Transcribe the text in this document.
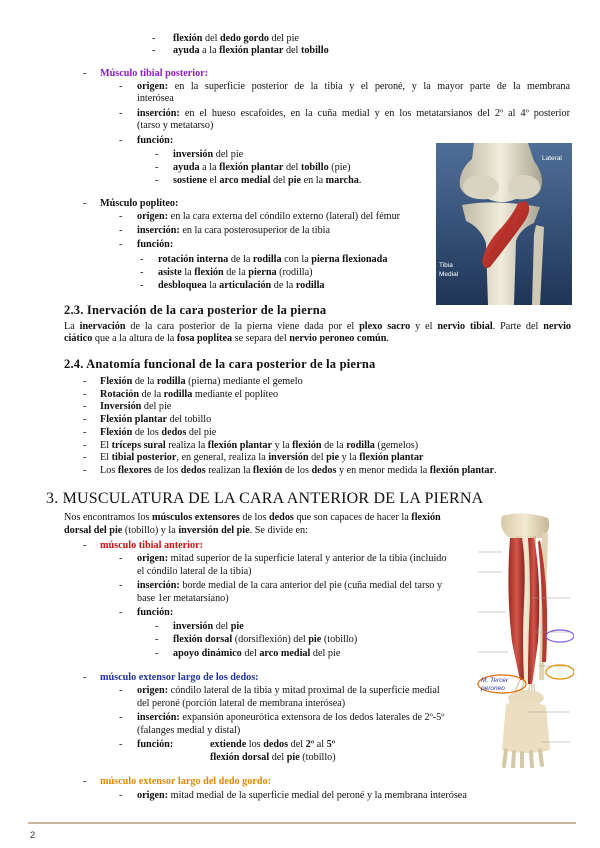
- flexión del dedo gordo del pie
- ayuda a la flexión plantar del tobillo
- Músculo tibial posterior:
- origen: en la superficie posterior de la tibia y el peroné, y la mayor parte de la membrana
interósea
- inserción: en el hueso escafoides, en la cuña medial y en los metatarsianos del 2º al 4º posterior
(tarso y metatarso)
- función:
- inversión del pie
- ayuda a la flexión plantar del tobillo (pie)
- sostiene el arco medial del pie en la marcha.
- Músculo poplíteo:
- origen: en la cara externa del cóndilo externo (lateral) del fémur
- inserción: en la cara posterosuperior de la tibia
- función:
- rotación interna de la rodilla con la pierna flexionada
- asiste la flexión de la pierna (rodilla)
- desbloquea la articulación de la rodilla
Lateral
Tibia
Medial
2.3. Inervación de la cara posterior de la pierna
La inervación de la cara posterior de la pierna viene dada por el plexo sacro y el nervio tibial. Parte del nervio
ciático que a la altura de la fosa poplítea se separa del nervio peroneo común.
2.4. Anatomía funcional de la cara posterior de la pierna
- Flexión de la rodilla (pierna) mediante el gemelo
- Rotación de la rodilla mediante el poplíteo
- Inversión del pie
- Flexión plantar del tobillo
- Flexión de los dedos del pie
- El tríceps sural realiza la flexión plantar y la flexión de la rodilla (gemelos)
- El tibial posterior, en general, realiza la inversión del pie y la flexión plantar
- Los flexores de los dedos realizan la flexión de los dedos y en menor medida la flexión plantar.
3. MUSCULATURA DE LA CARA ANTERIOR DE LA PIERNA
Nos encontramos los músculos extensores de los dedos que son capaces de hacer la flexión
dorsal del pie (tobillo) y la inversión del pie. Se divide en:
- músculo tibial anterior:
- origen: mitad superior de la superficie lateral y anterior de la tibia (incluido
el cóndilo lateral de la tibia)
- inserción: borde medial de la cara anterior del pie (cuña medial del tarso y
base 1er metatarsiano)
- función:
- inversión del pie
- flexión dorsal (dorsiflexión) del pie (tobillo)
- apoyo dinámico del arco medial del pie
- músculo extensor largo de los dedos:
- origen: cóndilo lateral de la tibia y mitad proximal de la superficie medial
del peroné (porción lateral de membrana interósea)
- inserción: expansión aponeurótica extensora de los dedos laterales de 2º-5º
(falanges medial y distal)
- función:	extiende los dedos del 2º al 5º
flexión dorsal del pie (tobillo)
- músculo extensor largo del dedo gordo:
- origen: mitad medial de la superficie medial del peroné y la membrana interósea
M. Tercer
peroneo
2
